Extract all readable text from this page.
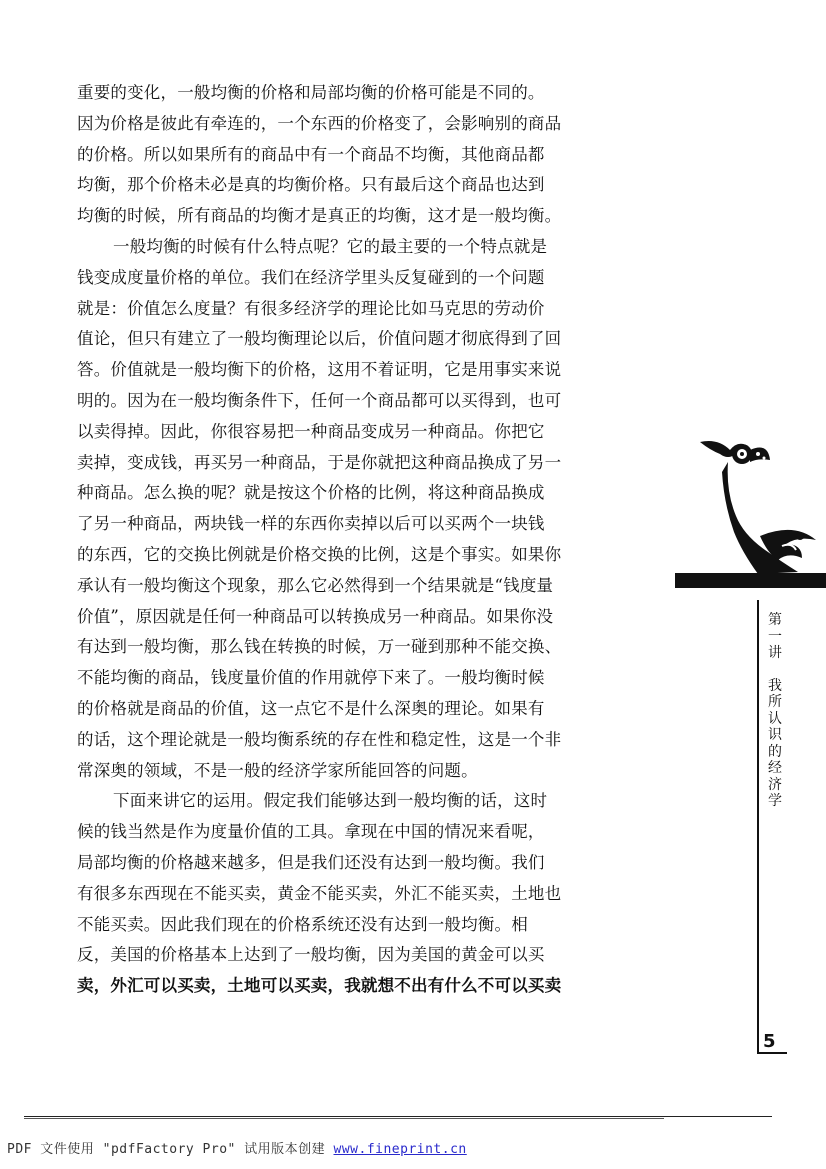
重要的变化，一般均衡的价格和局部均衡的价格可能是不同的。
因为价格是彼此有牵连的，一个东西的价格变了，会影响别的商品
的价格。所以如果所有的商品中有一个商品不均衡，其他商品都
均衡，那个价格未必是真的均衡价格。只有最后这个商品也达到
均衡的时候，所有商品的均衡才是真正的均衡，这才是一般均衡。
一般均衡的时候有什么特点呢？它的最主要的一个特点就是
钱变成度量价格的单位。我们在经济学里头反复碰到的一个问题
就是：价值怎么度量？有很多经济学的理论比如马克思的劳动价
值论，但只有建立了一般均衡理论以后，价值问题才彻底得到了回
答。价值就是一般均衡下的价格，这用不着证明，它是用事实来说
明的。因为在一般均衡条件下，任何一个商品都可以买得到，也可
以卖得掉。因此，你很容易把一种商品变成另一种商品。你把它
卖掉，变成钱，再买另一种商品，于是你就把这种商品换成了另一
种商品。怎么换的呢？就是按这个价格的比例，将这种商品换成
了另一种商品，两块钱一样的东西你卖掉以后可以买两个一块钱
的东西，它的交换比例就是价格交换的比例，这是个事实。如果你
承认有一般均衡这个现象，那么它必然得到一个结果就是“钱度量
价值”，原因就是任何一种商品可以转换成另一种商品。如果你没
有达到一般均衡，那么钱在转换的时候，万一碰到那种不能交换、
不能均衡的商品，钱度量价值的作用就停下来了。一般均衡时候
的价格就是商品的价值，这一点它不是什么深奥的理论。如果有
的话，这个理论就是一般均衡系统的存在性和稳定性，这是一个非
常深奥的领域，不是一般的经济学家所能回答的问题。
下面来讲它的运用。假定我们能够达到一般均衡的话，这时
候的钱当然是作为度量价值的工具。拿现在中国的情况来看呢，
局部均衡的价格越来越多，但是我们还没有达到一般均衡。我们
有很多东西现在不能买卖，黄金不能买卖，外汇不能买卖，土地也
不能买卖。因此我们现在的价格系统还没有达到一般均衡。相
反，美国的价格基本上达到了一般均衡，因为美国的黄金可以买
卖，外汇可以买卖，土地可以买卖，我就想不出有什么不可以买卖
第
一
讲
我
所
认
识
的
经
济
学
5
PDF 文件使用 "pdfFactory Pro" 试用版本创建 www.fineprint.cn
